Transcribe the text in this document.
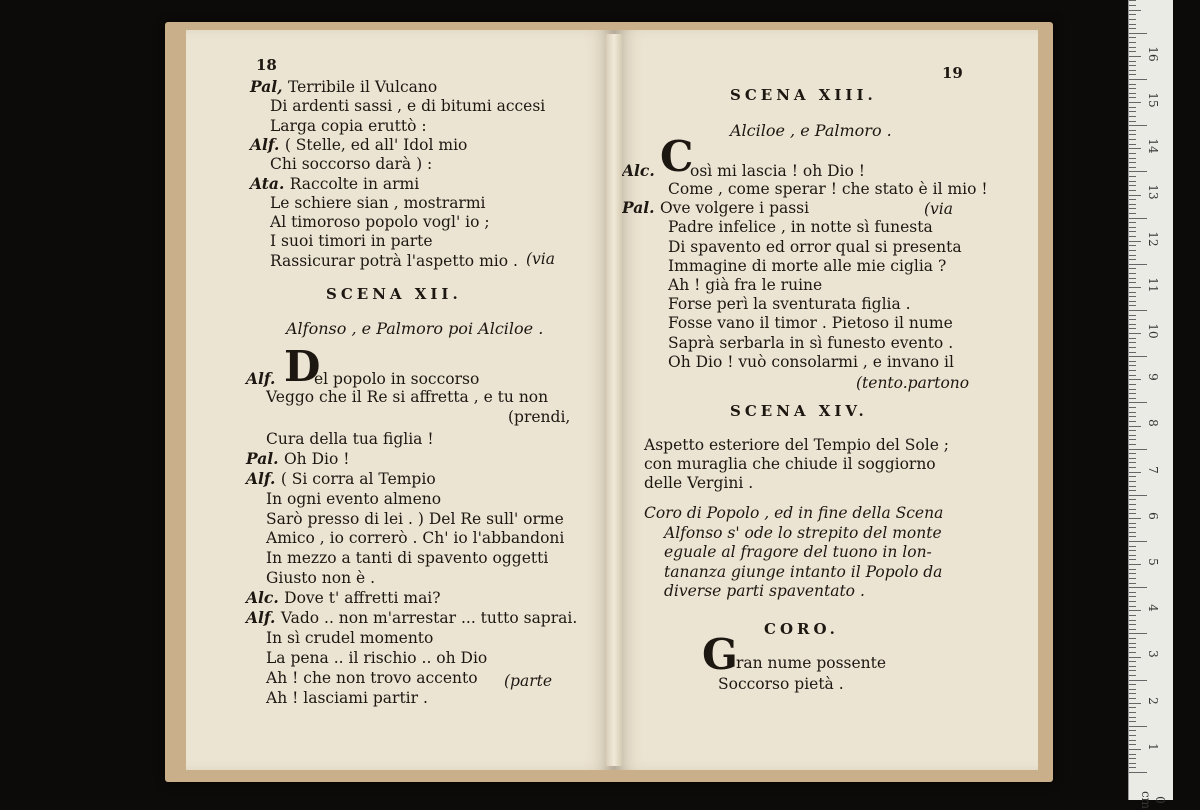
18
Pal, Terribile il Vulcano
Di ardenti sassi , e di bitumi accesi
Larga copia eruttò :
Alf. ( Stelle, ed all' Idol mio
Chi soccorso darà ) :
Ata. Raccolte in armi
Le schiere sian , mostrarmi
Al timoroso popolo vogl' io ;
I suoi timori in parte
Rassicurar potrà l'aspetto mio . (via
SCENA XII.
Alfonso , e Palmoro poi Alciloe .
Alf. D
el popolo in soccorso
Veggo che il Re si affretta , e tu non
(prendi,
Cura della tua figlia !
Pal. Oh Dio !
Alf. ( Si corra al Tempio
In ogni evento almeno
Sarò presso di lei . ) Del Re sull' orme
Amico , io correrò . Ch' io l'abbandoni
In mezzo a tanti di spavento oggetti
Giusto non è .
Alc. Dove t' affretti mai?
Alf. Vado .. non m'arrestar ... tutto saprai.
In sì crudel momento
La pena .. il rischio .. oh Dio
Ah ! che non trovo accento
Ah ! lasciami partir .
(parte
19
SCENA XIII.
Alciloe , e Palmoro .
Alc. C
osì mi lascia ! oh Dio !
Come , come sperar ! che stato è il mio !
Pal. Ove volgere i passi
Padre infelice , in notte sì funesta
Di spavento ed orror qual si presenta
Immagine di morte alle mie ciglia ?
Ah ! già fra le ruine
Forse perì la sventurata figlia .
Fosse vano il timor . Pietoso il nume
Saprà serbarla in sì funesto evento .
Oh Dio ! vuò consolarmi , e invano il
(via
(tento.partono
SCENA XIV.
Aspetto esteriore del Tempio del Sole ;
con muraglia che chiude il soggiorno
delle Vergini .
Coro di Popolo , ed in fine della Scena
Alfonso s' ode lo strepito del monte
eguale al fragore del tuono in lon-
tananza giunge intanto il Popolo da
diverse parti spaventato .
CORO.
G
ran nume possente
Soccorso pietà .
16
15
14
13
12
11
10
9
8
7
6
5
4
3
2
1
0 cm
